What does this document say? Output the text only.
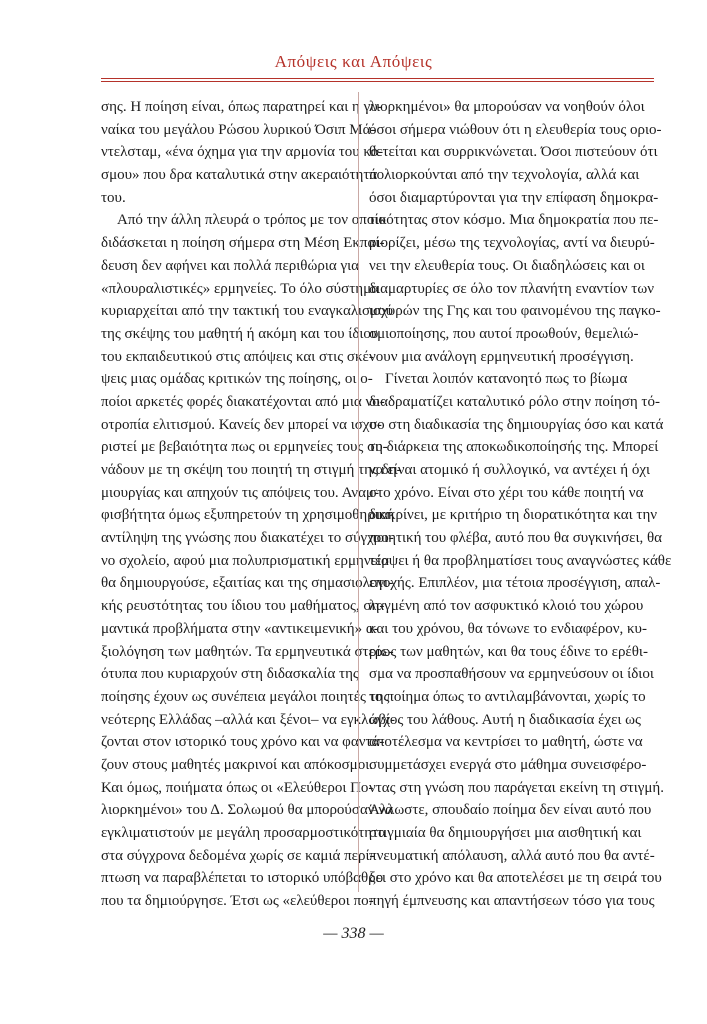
Απόψεις και Απόψεις
σης. Η ποίηση είναι, όπως παρατηρεί και η γυ-
ναίκα του μεγάλου Ρώσου λυρικού Όσιπ Μά-
ντελσταμ, «ένα όχημα για την αρμονία του κό-
σμου» που δρα καταλυτικά στην ακεραιότητά
του.
Από την άλλη πλευρά ο τρόπος με τον οποίο
διδάσκεται η ποίηση σήμερα στη Μέση Εκπαί-
δευση δεν αφήνει και πολλά περιθώρια για
«πλουραλιστικές» ερμηνείες. Το όλο σύστημα
κυριαρχείται από την τακτική του εναγκαλισμού
της σκέψης του μαθητή ή ακόμη και του ίδιου
του εκπαιδευτικού στις απόψεις και στις σκέ-
ψεις μιας ομάδας κριτικών της ποίησης, οι ο-
ποίοι αρκετές φορές διακατέχονται από μια νο-
οτροπία ελιτισμού. Κανείς δεν μπορεί να ισχυ-
ριστεί με βεβαιότητα πως οι ερμηνείες τους συ-
νάδουν με τη σκέψη του ποιητή τη στιγμή της δη-
μιουργίας και απηχούν τις απόψεις του. Αναμ-
φισβήτητα όμως εξυπηρετούν τη χρησιμοθηρική
αντίληψη της γνώσης που διακατέχει το σύγχρο-
νο σχολείο, αφού μια πολυπρισματική ερμηνεία
θα δημιουργούσε, εξαιτίας και της σημασιολογι-
κής ρευστότητας του ίδιου του μαθήματος, ση-
μαντικά προβλήματα στην «αντικειμενική» α-
ξιολόγηση των μαθητών. Τα ερμηνευτικά στερε-
ότυπα που κυριαρχούν στη διδασκαλία της
ποίησης έχουν ως συνέπεια μεγάλοι ποιητές της
νεότερης Ελλάδας –αλλά και ξένοι– να εγκλωβί-
ζονται στον ιστορικό τους χρόνο και να φαντά-
ζουν στους μαθητές μακρινοί και απόκοσμοι.
Και όμως, ποιήματα όπως οι «Ελεύθεροι Πο-
λιορκημένοι» του Δ. Σολωμού θα μπορούσαν να
εγκλιματιστούν με μεγάλη προσαρμοστικότητα
στα σύγχρονα δεδομένα χωρίς σε καμιά περί-
πτωση να παραβλέπεται το ιστορικό υπόβαθρο
που τα δημιούργησε. Έτσι ως «ελεύθεροι πο-
λιορκημένοι» θα μπορούσαν να νοηθούν όλοι
όσοι σήμερα νιώθουν ότι η ελευθερία τους οριο-
θετείται και συρρικνώνεται. Όσοι πιστεύουν ότι
πολιορκούνται από την τεχνολογία, αλλά και
όσοι διαμαρτύρονται για την επίφαση δημοκρα-
τικότητας στον κόσμο. Μια δημοκρατία που πε-
ριορίζει, μέσω της τεχνολογίας, αντί να διευρύ-
νει την ελευθερία τους. Οι διαδηλώσεις και οι
διαμαρτυρίες σε όλο τον πλανήτη εναντίον των
ισχυρών της Γης και του φαινομένου της παγκο-
σμιοποίησης, που αυτοί προωθούν, θεμελιώ-
νουν μια ανάλογη ερμηνευτική προσέγγιση.
Γίνεται λοιπόν κατανοητό πως το βίωμα
διαδραματίζει καταλυτικό ρόλο στην ποίηση τό-
σο στη διαδικασία της δημιουργίας όσο και κατά
τη διάρκεια της αποκωδικοποίησής της. Μπορεί
να είναι ατομικό ή συλλογικό, να αντέχει ή όχι
στο χρόνο. Είναι στο χέρι του κάθε ποιητή να
διακρίνει, με κριτήριο τη διορατικότητα και την
ποιητική του φλέβα, αυτό που θα συγκινήσει, θα
τέρψει ή θα προβληματίσει τους αναγνώστες κάθε
εποχής. Επιπλέον, μια τέτοια προσέγγιση, απαλ-
λαγμένη από τον ασφυκτικό κλοιό του χώρου
και του χρόνου, θα τόνωνε το ενδιαφέρον, κυ-
ρίως των μαθητών, και θα τους έδινε το ερέθι-
σμα να προσπαθήσουν να ερμηνεύσουν οι ίδιοι
το ποίημα όπως το αντιλαμβάνονται, χωρίς το
άγχος του λάθους. Αυτή η διαδικασία έχει ως
αποτέλεσμα να κεντρίσει το μαθητή, ώστε να
συμμετάσχει ενεργά στο μάθημα συνεισφέρο-
ντας στη γνώση που παράγεται εκείνη τη στιγμή.
Άλλωστε, σπουδαίο ποίημα δεν είναι αυτό που
στιγμιαία θα δημιουργήσει μια αισθητική και
πνευματική απόλαυση, αλλά αυτό που θα αντέ-
ξει στο χρόνο και θα αποτελέσει με τη σειρά του
πηγή έμπνευσης και απαντήσεων τόσο για τους
— 338 —
